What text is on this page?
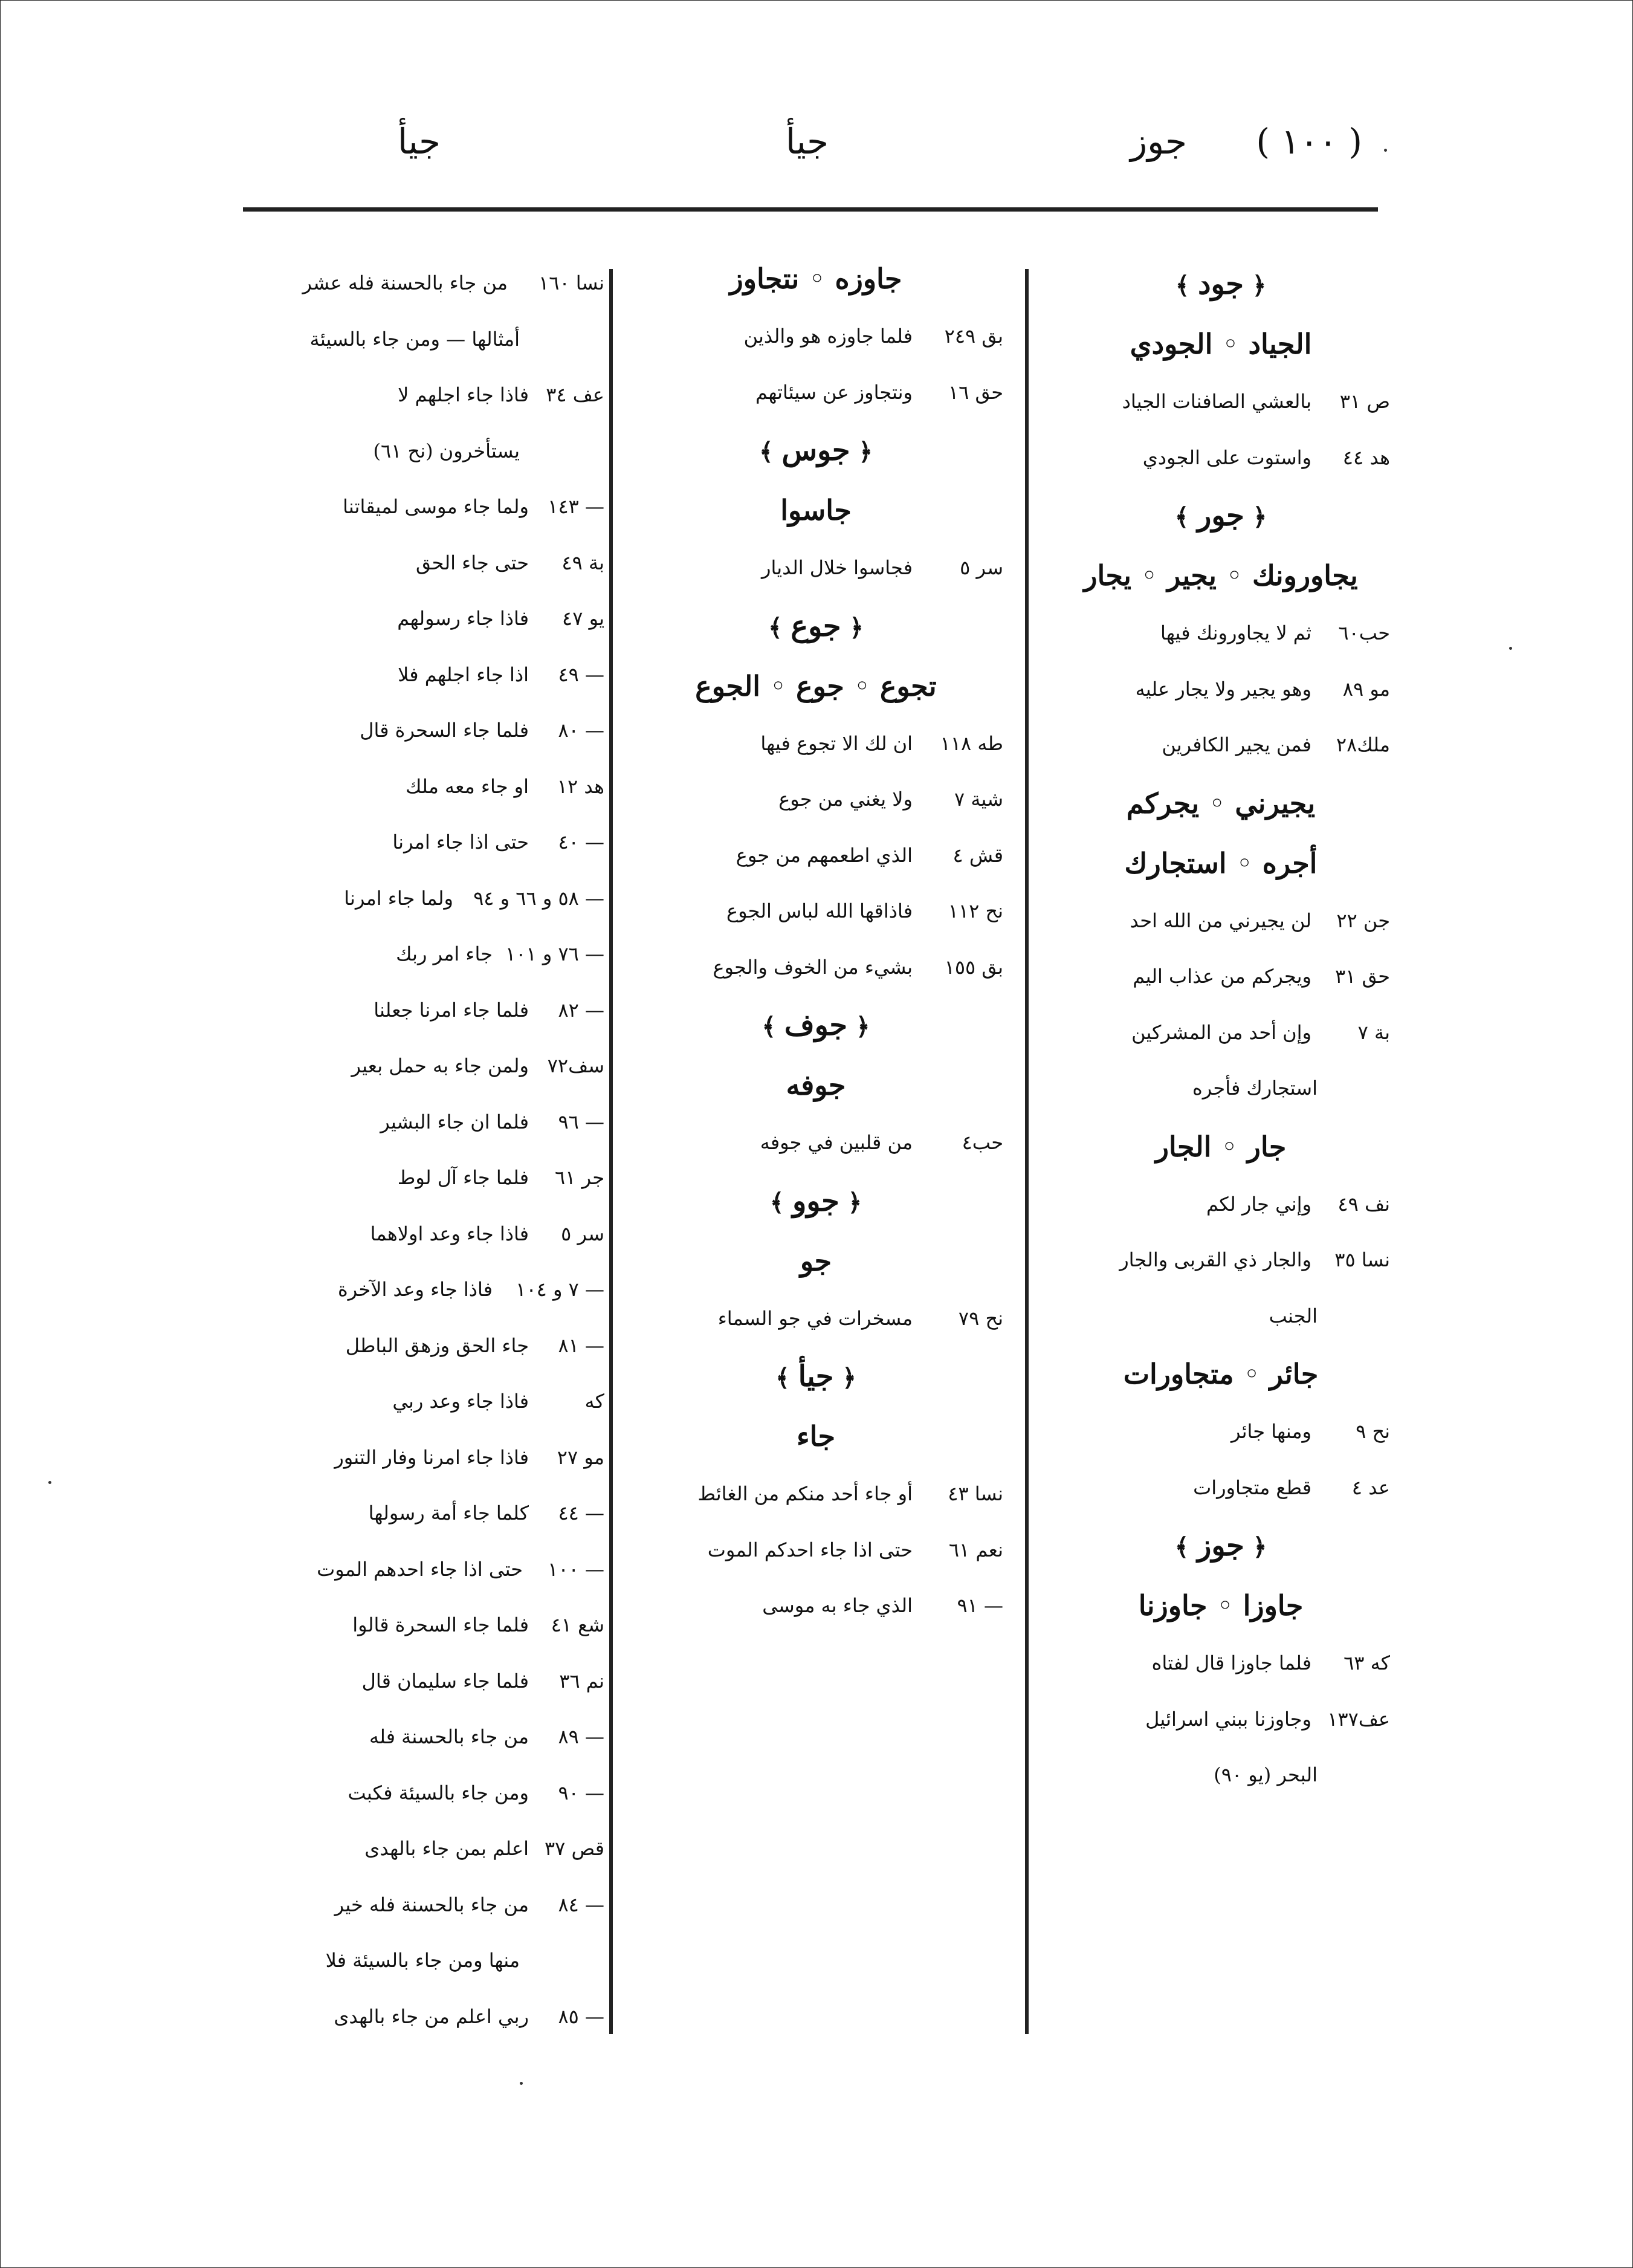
( ١٠٠ )
جوز
جيأ
جيأ
﴿ جود ﴾
الجياد ◦ الجودي
ص ٣١
بالعشي الصافنات الجياد
هد ٤٤
واستوت على الجودي
﴿ جور ﴾
يجاورونك ◦ يجير ◦ يجار
حب٦٠
ثم لا يجاورونك فيها
مو ٨٩
وهو يجير ولا يجار عليه
ملك٢٨
فمن يجير الكافرين
يجيرني ◦ يجركم
أجره ◦ استجارك
جن ٢٢
لن يجيرني من الله احد
حق ٣١
ويجركم من عذاب اليم
بة ٧
وإن أحد من المشركين
استجارك فأجره
جار ◦ الجار
نف ٤٩
وإني جار لكم
نسا ٣٥
والجار ذي القربى والجار
الجنب
جائر ◦ متجاورات
نح ٩
ومنها جائر
عد ٤
قطع متجاورات
﴿ جوز ﴾
جاوزا ◦ جاوزنا
كه ٦٣
فلما جاوزا قال لفتاه
عف١٣٧
وجاوزنا ببني اسرائيل
البحر (يو ٩٠)
جاوزه ◦ نتجاوز
بق ٢٤٩
فلما جاوزه هو والذين
حق ١٦
ونتجاوز عن سيئاتهم
﴿ جوس ﴾
جاسوا
سر ٥
فجاسوا خلال الديار
﴿ جوع ﴾
تجوع ◦ جوع ◦ الجوع
طه ١١٨
ان لك الا تجوع فيها
شية ٧
ولا يغني من جوع
قش ٤
الذي اطعمهم من جوع
نح ١١٢
فاذاقها الله لباس الجوع
بق ١٥٥
بشيء من الخوف والجوع
﴿ جوف ﴾
جوفه
حب٤
من قلبين في جوفه
﴿ جوو ﴾
جو
نح ٧٩
مسخرات في جو السماء
﴿ جيأ ﴾
جاء
نسا ٤٣
أو جاء أحد منكم من الغائط
نعم ٦١
حتى اذا جاء احدكم الموت
— ٩١
الذي جاء به موسى
نسا ١٦٠
من جاء بالحسنة فله عشر
أمثالها — ومن جاء بالسيئة
عف ٣٤
فاذا جاء اجلهم لا
يستأخرون (نح ٦١)
— ١٤٣
ولما جاء موسى لميقاتنا
بة ٤٩
حتى جاء الحق
يو ٤٧
فاذا جاء رسولهم
— ٤٩
اذا جاء اجلهم فلا
— ٨٠
فلما جاء السحرة قال
هد ١٢
او جاء معه ملك
— ٤٠
حتى اذا جاء امرنا
— ٥٨ و ٦٦ و ٩٤
ولما جاء امرنا
— ٧٦ و ١٠١
جاء امر ربك
— ٨٢
فلما جاء امرنا جعلنا
سف٧٢
ولمن جاء به حمل بعير
— ٩٦
فلما ان جاء البشير
جر ٦١
فلما جاء آل لوط
سر ٥
فاذا جاء وعد اولاهما
— ٧ و ١٠٤
فاذا جاء وعد الآخرة
— ٨١
جاء الحق وزهق الباطل
كه
فاذا جاء وعد ربي
مو ٢٧
فاذا جاء امرنا وفار التنور
— ٤٤
كلما جاء أمة رسولها
— ١٠٠
حتى اذا جاء احدهم الموت
شع ٤١
فلما جاء السحرة قالوا
نم ٣٦
فلما جاء سليمان قال
— ٨٩
من جاء بالحسنة فله
— ٩٠
ومن جاء بالسيئة فكبت
قص ٣٧
اعلم بمن جاء بالهدى
— ٨٤
من جاء بالحسنة فله خير
منها ومن جاء بالسيئة فلا
— ٨٥
ربي اعلم من جاء بالهدى
